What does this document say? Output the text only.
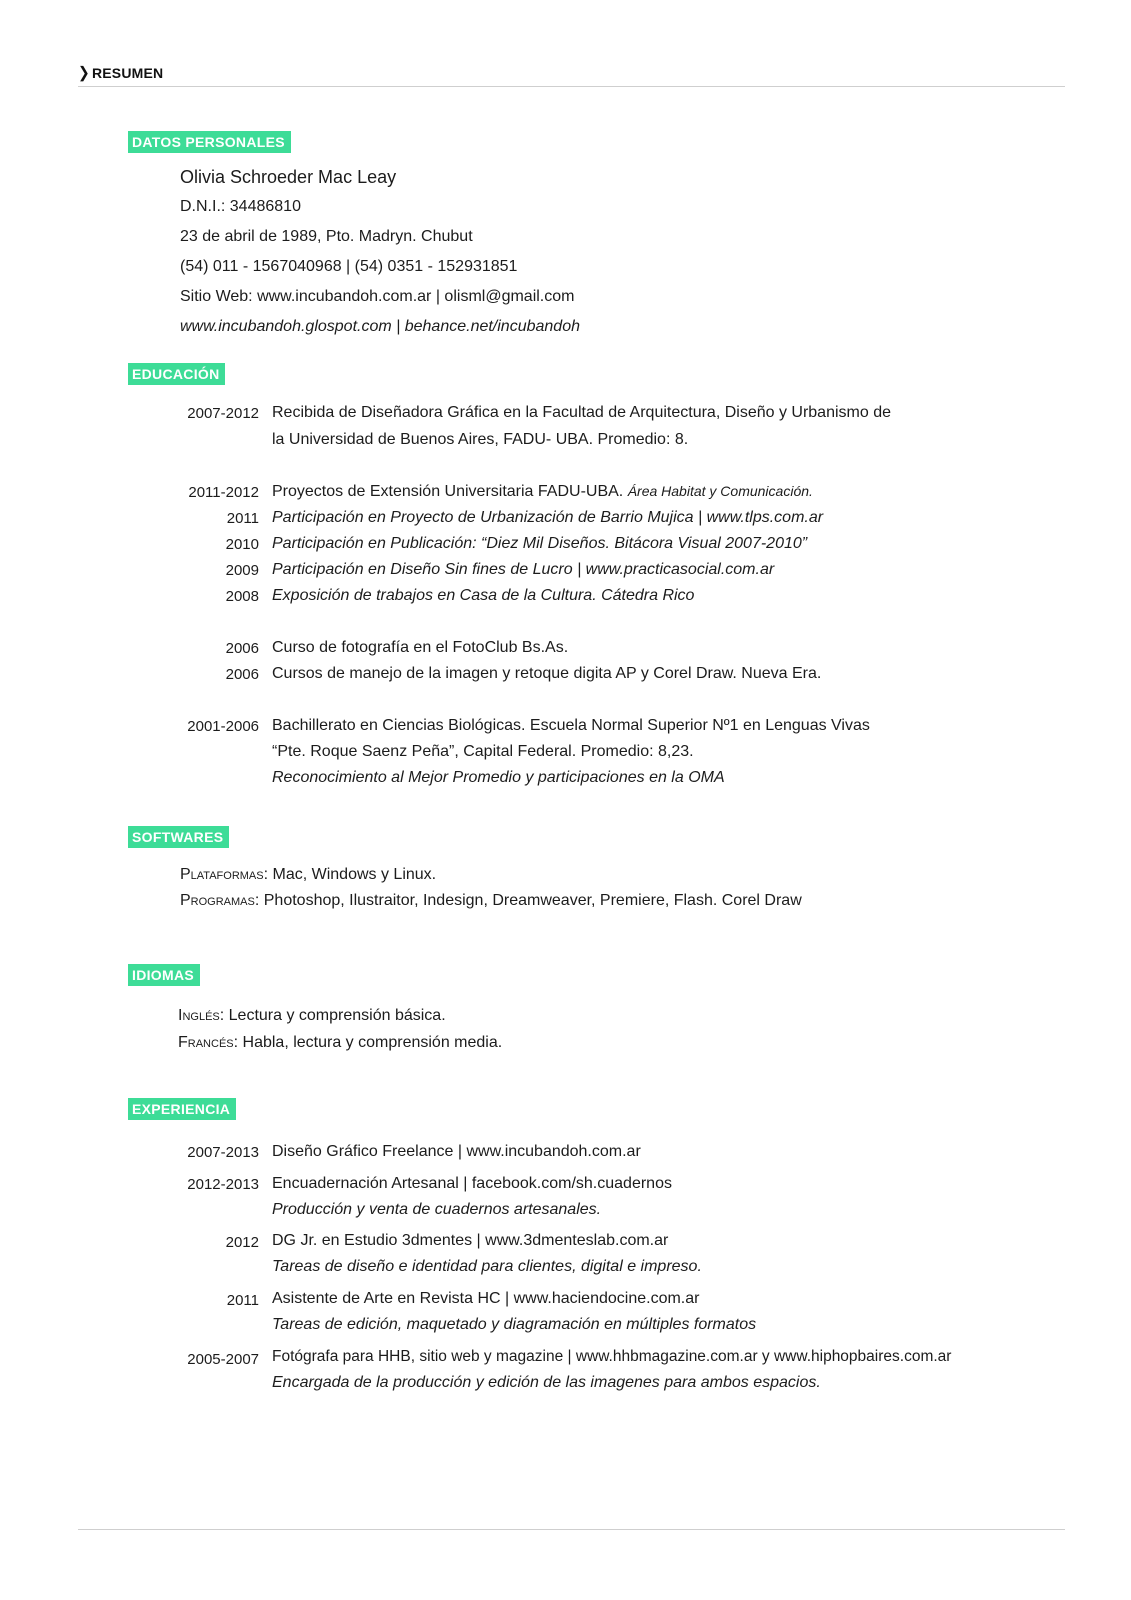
❯ RESUMEN
DATOS PERSONALES
Olivia Schroeder Mac Leay
D.N.I.: 34486810
23 de abril de 1989, Pto. Madryn. Chubut
(54) 011 - 1567040968 | (54) 0351 - 152931851
Sitio Web: www.incubandoh.com.ar | olisml@gmail.com
www.incubandoh.glospot.com | behance.net/incubandoh
EDUCACIÓN
2007-2012 Recibida de Diseñadora Gráfica en la Facultad de Arquitectura, Diseño y Urbanismo de
la Universidad de Buenos Aires, FADU- UBA. Promedio: 8.
2011-2012 Proyectos de Extensión Universitaria FADU-UBA. Área Habitat y Comunicación.
2011 Participación en Proyecto de Urbanización de Barrio Mujica | www.tlps.com.ar
2010 Participación en Publicación: “Diez Mil Diseños. Bitácora Visual 2007-2010”
2009 Participación en Diseño Sin fines de Lucro | www.practicasocial.com.ar
2008 Exposición de trabajos en Casa de la Cultura. Cátedra Rico
2006 Curso de fotografía en el FotoClub Bs.As.
2006 Cursos de manejo de la imagen y retoque digita AP y Corel Draw. Nueva Era.
2001-2006 Bachillerato en Ciencias Biológicas. Escuela Normal Superior Nº1 en Lenguas Vivas
“Pte. Roque Saenz Peña”, Capital Federal. Promedio: 8,23.
Reconocimiento al Mejor Promedio y participaciones en la OMA
SOFTWARES
Plataformas: Mac, Windows y Linux.
Programas: Photoshop, Ilustraitor, Indesign, Dreamweaver, Premiere, Flash. Corel Draw
IDIOMAS
Inglés: Lectura y comprensión básica.
Francés: Habla, lectura y comprensión media.
EXPERIENCIA
2007-2013 Diseño Gráfico Freelance | www.incubandoh.com.ar
2012-2013 Encuadernación Artesanal | facebook.com/sh.cuadernos
Producción y venta de cuadernos artesanales.
2012 DG Jr. en Estudio 3dmentes | www.3dmenteslab.com.ar
Tareas de diseño e identidad para clientes, digital e impreso.
2011 Asistente de Arte en Revista HC | www.haciendocine.com.ar
Tareas de edición, maquetado y diagramación en múltiples formatos
2005-2007 Fotógrafa para HHB, sitio web y magazine | www.hhbmagazine.com.ar y www.hiphopbaires.com.ar
Encargada de la producción y edición de las imagenes para ambos espacios.
